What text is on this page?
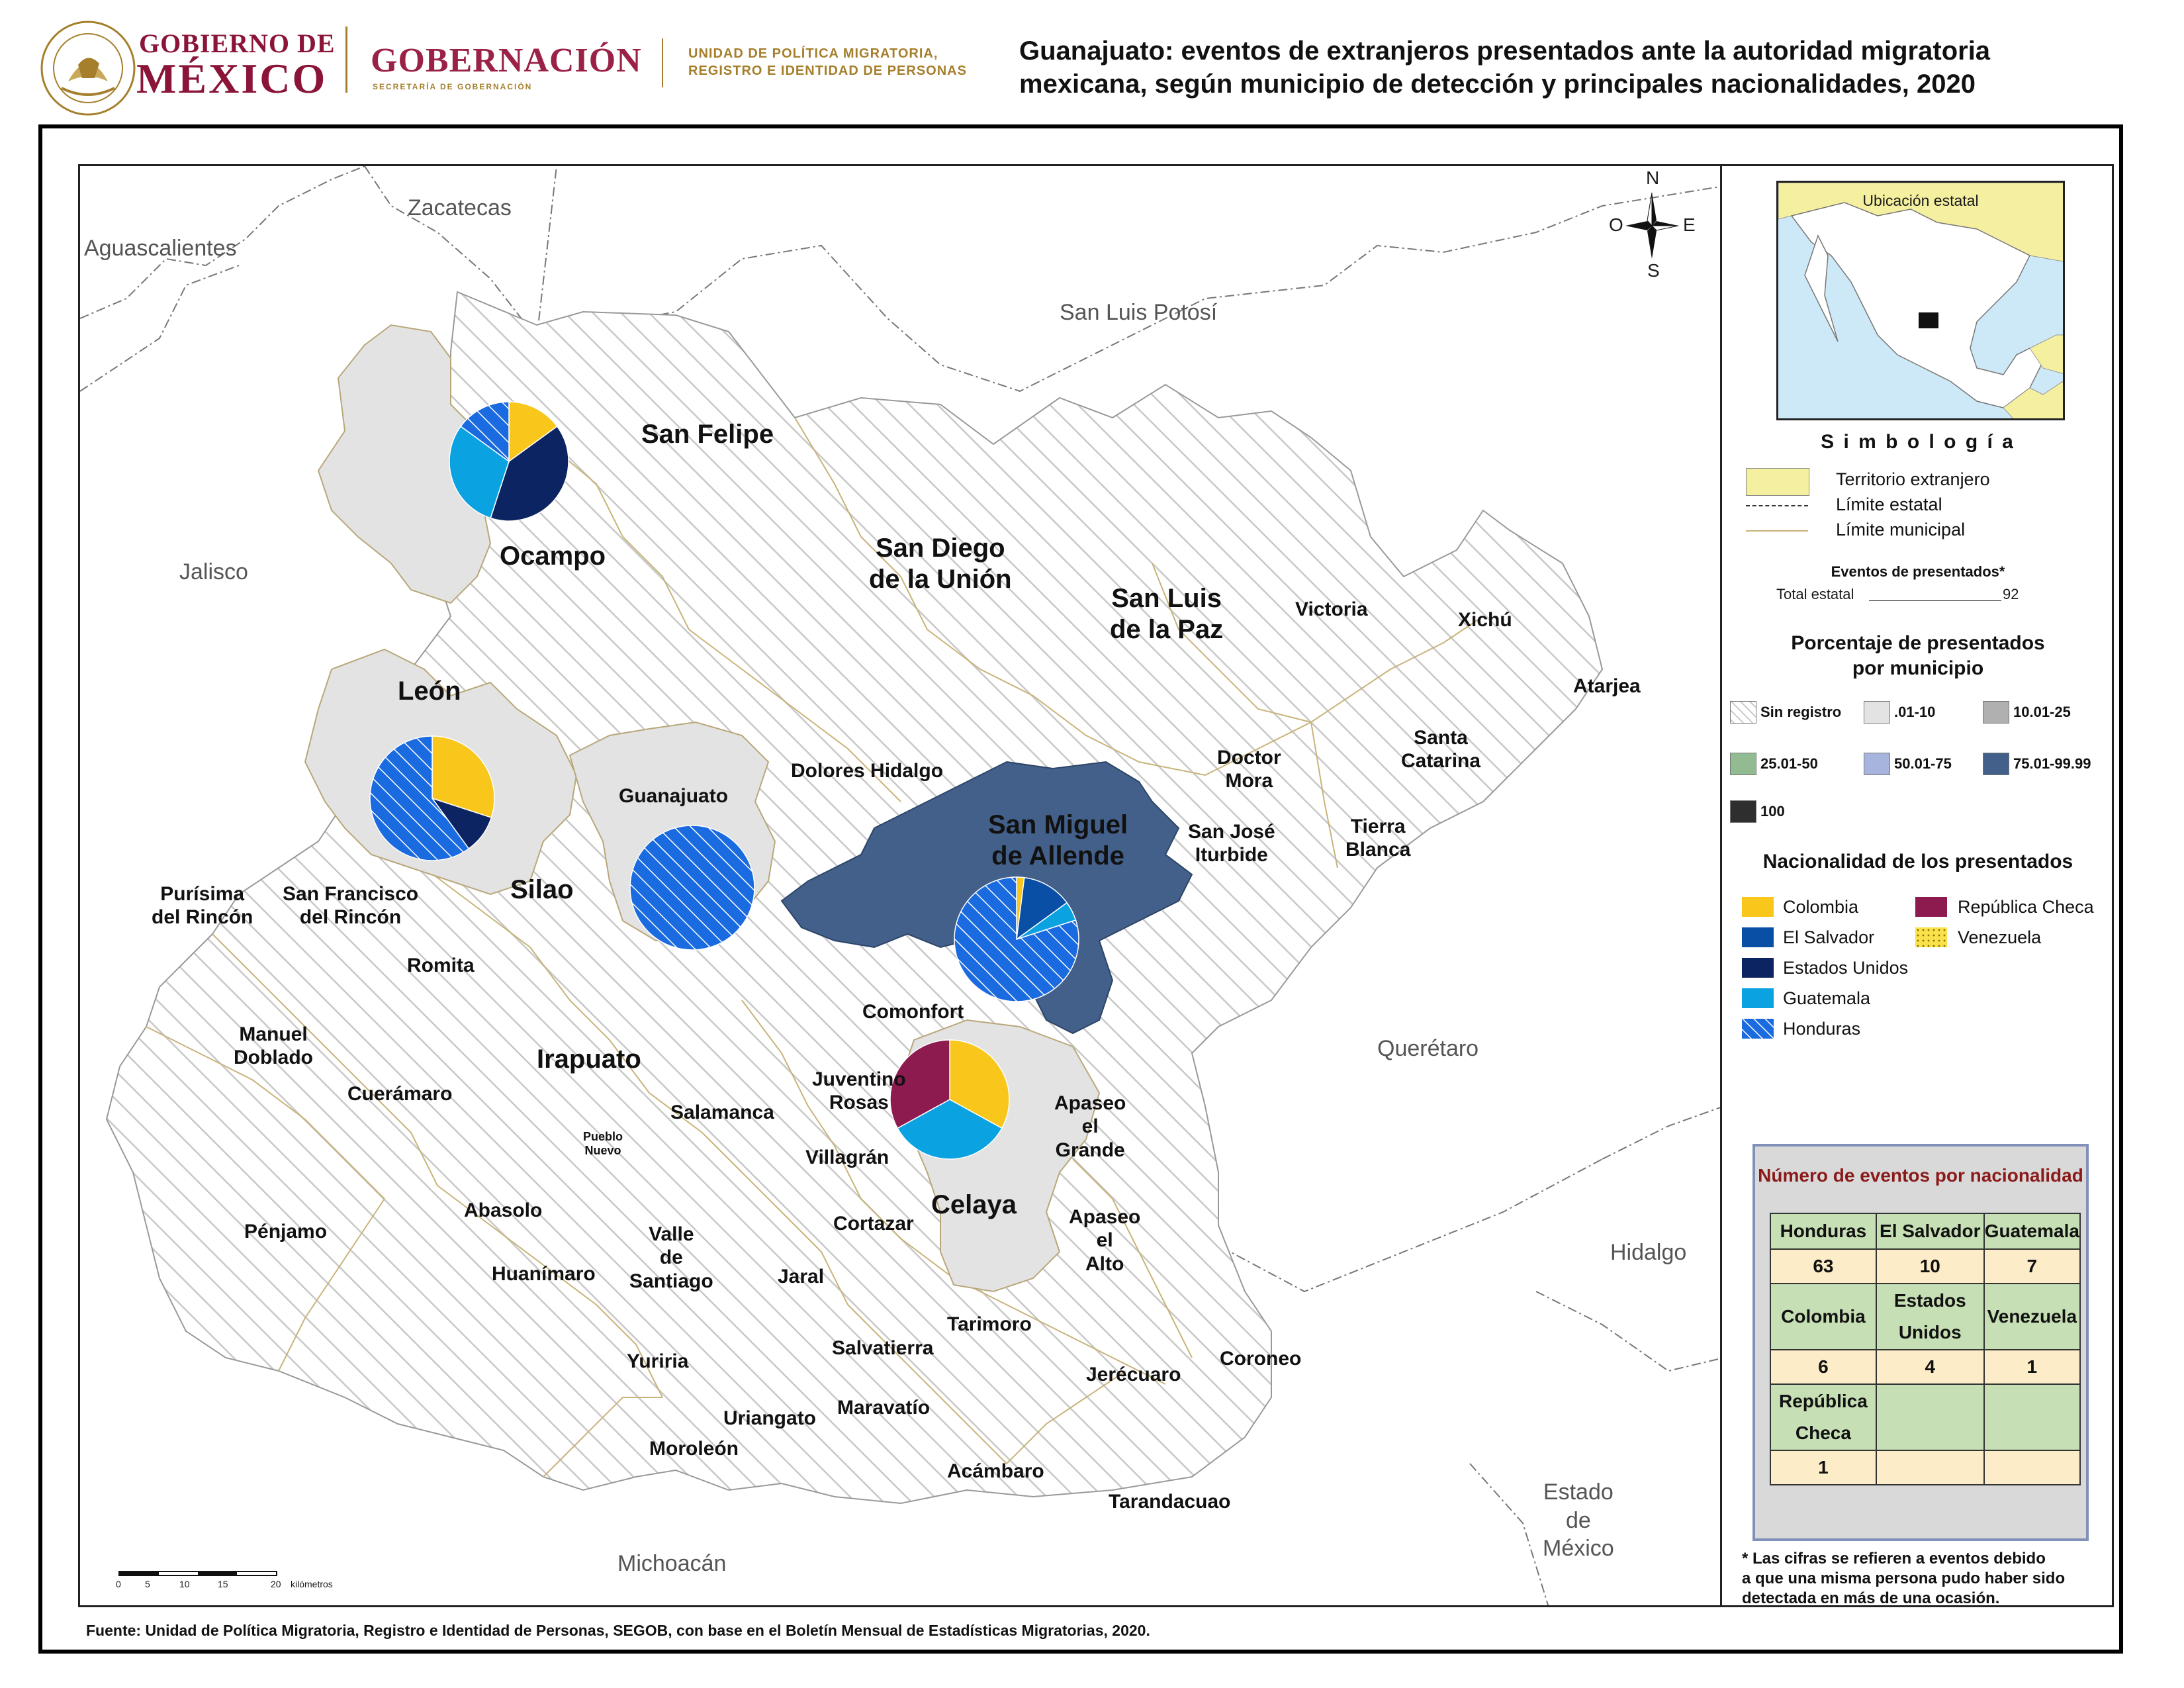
GOBIERNO DE
MÉXICO GOBERNACIÓN
SECRETARÍA DE GOBERNACIÓN
UNIDAD DE POLÍTICA MIGRATORIA,
REGISTRO E IDENTIDAD DE PERSONAS
Guanajuato: eventos de extranjeros presentados ante la autoridad migratoria
mexicana, según municipio de detección y principales nacionalidades, 2020
Zacatecas
Aguascalientes
San Luis Potosí
Jalisco
Querétaro
Hidalgo
Michoacán
Estado
de
México
San Felipe
Ocampo	San Diego
de la Unión
San Luis
de la Paz
Victoria	Xichú
Atarjea
León
Dolores Hidalgo
Doctor
Mora
Santa
Catarina
Guanajuato
San Miguel
de Allende
San José
Iturbide
Tierra
Blanca
Purísima
del Rincón
San Francisco
del Rincón
Silao
Romita
Comonfort
Manuel
Doblado	Irapuato
Juventino
Rosas	Apaseo
el
Grande
Cuerámaro
Salamanca
Pueblo
Nuevo	Villagrán
Celaya
Abasolo
Pénjamo	Valle
de
Santiago
Cortazar	Apaseo
el
Alto
Huanímaro	Jaral
Tarimoro
Yuriria
Salvatierra	Coroneo
Jerécuaro
Uriangato Maravatío
Moroleón
Acámbaro
Tarandacuao
N
S
O	E
0	5	10	15	20 kilómetros
Fuente: Unidad de Política Migratoria, Registro e Identidad de Personas, SEGOB, con base en el Boletín Mensual de Estadísticas Migratorias, 2020.
Ubicación estatal
S i m b o l o g í a
Territorio extranjero
Límite estatal
Límite municipal
Eventos de presentados*
Total estatal	92
Porcentaje de presentados
por municipio
Sin registro	.01-10	10.01-25
25.01-50	50.01-75	75.01-99.99
100
Nacionalidad de los presentados
Colombia
El Salvador
Estados Unidos
Guatemala
Honduras
República Checa
Venezuela
Número de eventos por nacionalidad
Honduras	El Salvador	Guatemala
63	10	7
Colombia	Estados Unidos	Venezuela
6	4	1
República Checa		
1		
* Las cifras se refieren a eventos debido
a que una misma persona pudo haber sido
detectada en más de una ocasión.
